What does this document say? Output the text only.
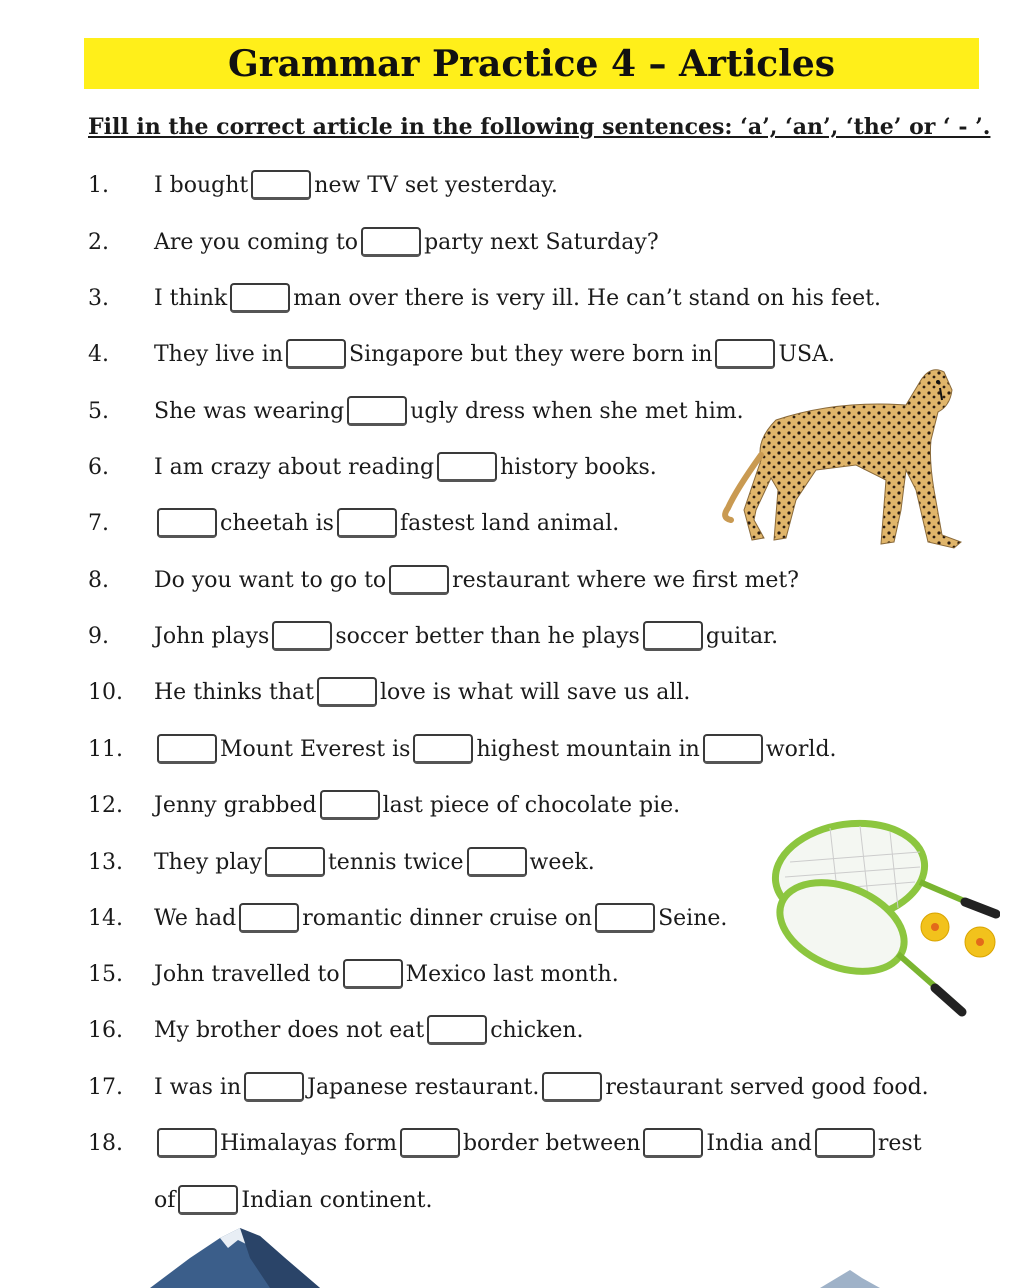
Grammar Practice 4 – Articles
Fill in the correct article in the following sentences: ‘a’, ‘an’, ‘the’ or ‘ - ’.
1.	I bought	new TV set yesterday.
2.	Are you coming to	party next Saturday?
3.	I think	man over there is very ill. He can’t stand on his feet.
4.	They live in	Singapore but they were born in	USA.
5.	She was wearing	ugly dress when she met him.
6.	I am crazy about reading	history books.
7.	cheetah is	fastest land animal.
8.	Do you want to go to	restaurant where we first met?
9.	John plays	soccer better than he plays	guitar.
10.	He thinks that	love is what will save us all.
11.	Mount Everest is	highest mountain in	world.
12.	Jenny grabbed	last piece of chocolate pie.
13.	They play	tennis twice	week.
14.	We had	romantic dinner cruise on	Seine.
15.	John travelled to	Mexico last month.
16.	My brother does not eat	chicken.
17.	I was in	Japanese restaurant.	restaurant served good food.
18.	Himalayas form	border between	India and	rest
of	Indian continent.
